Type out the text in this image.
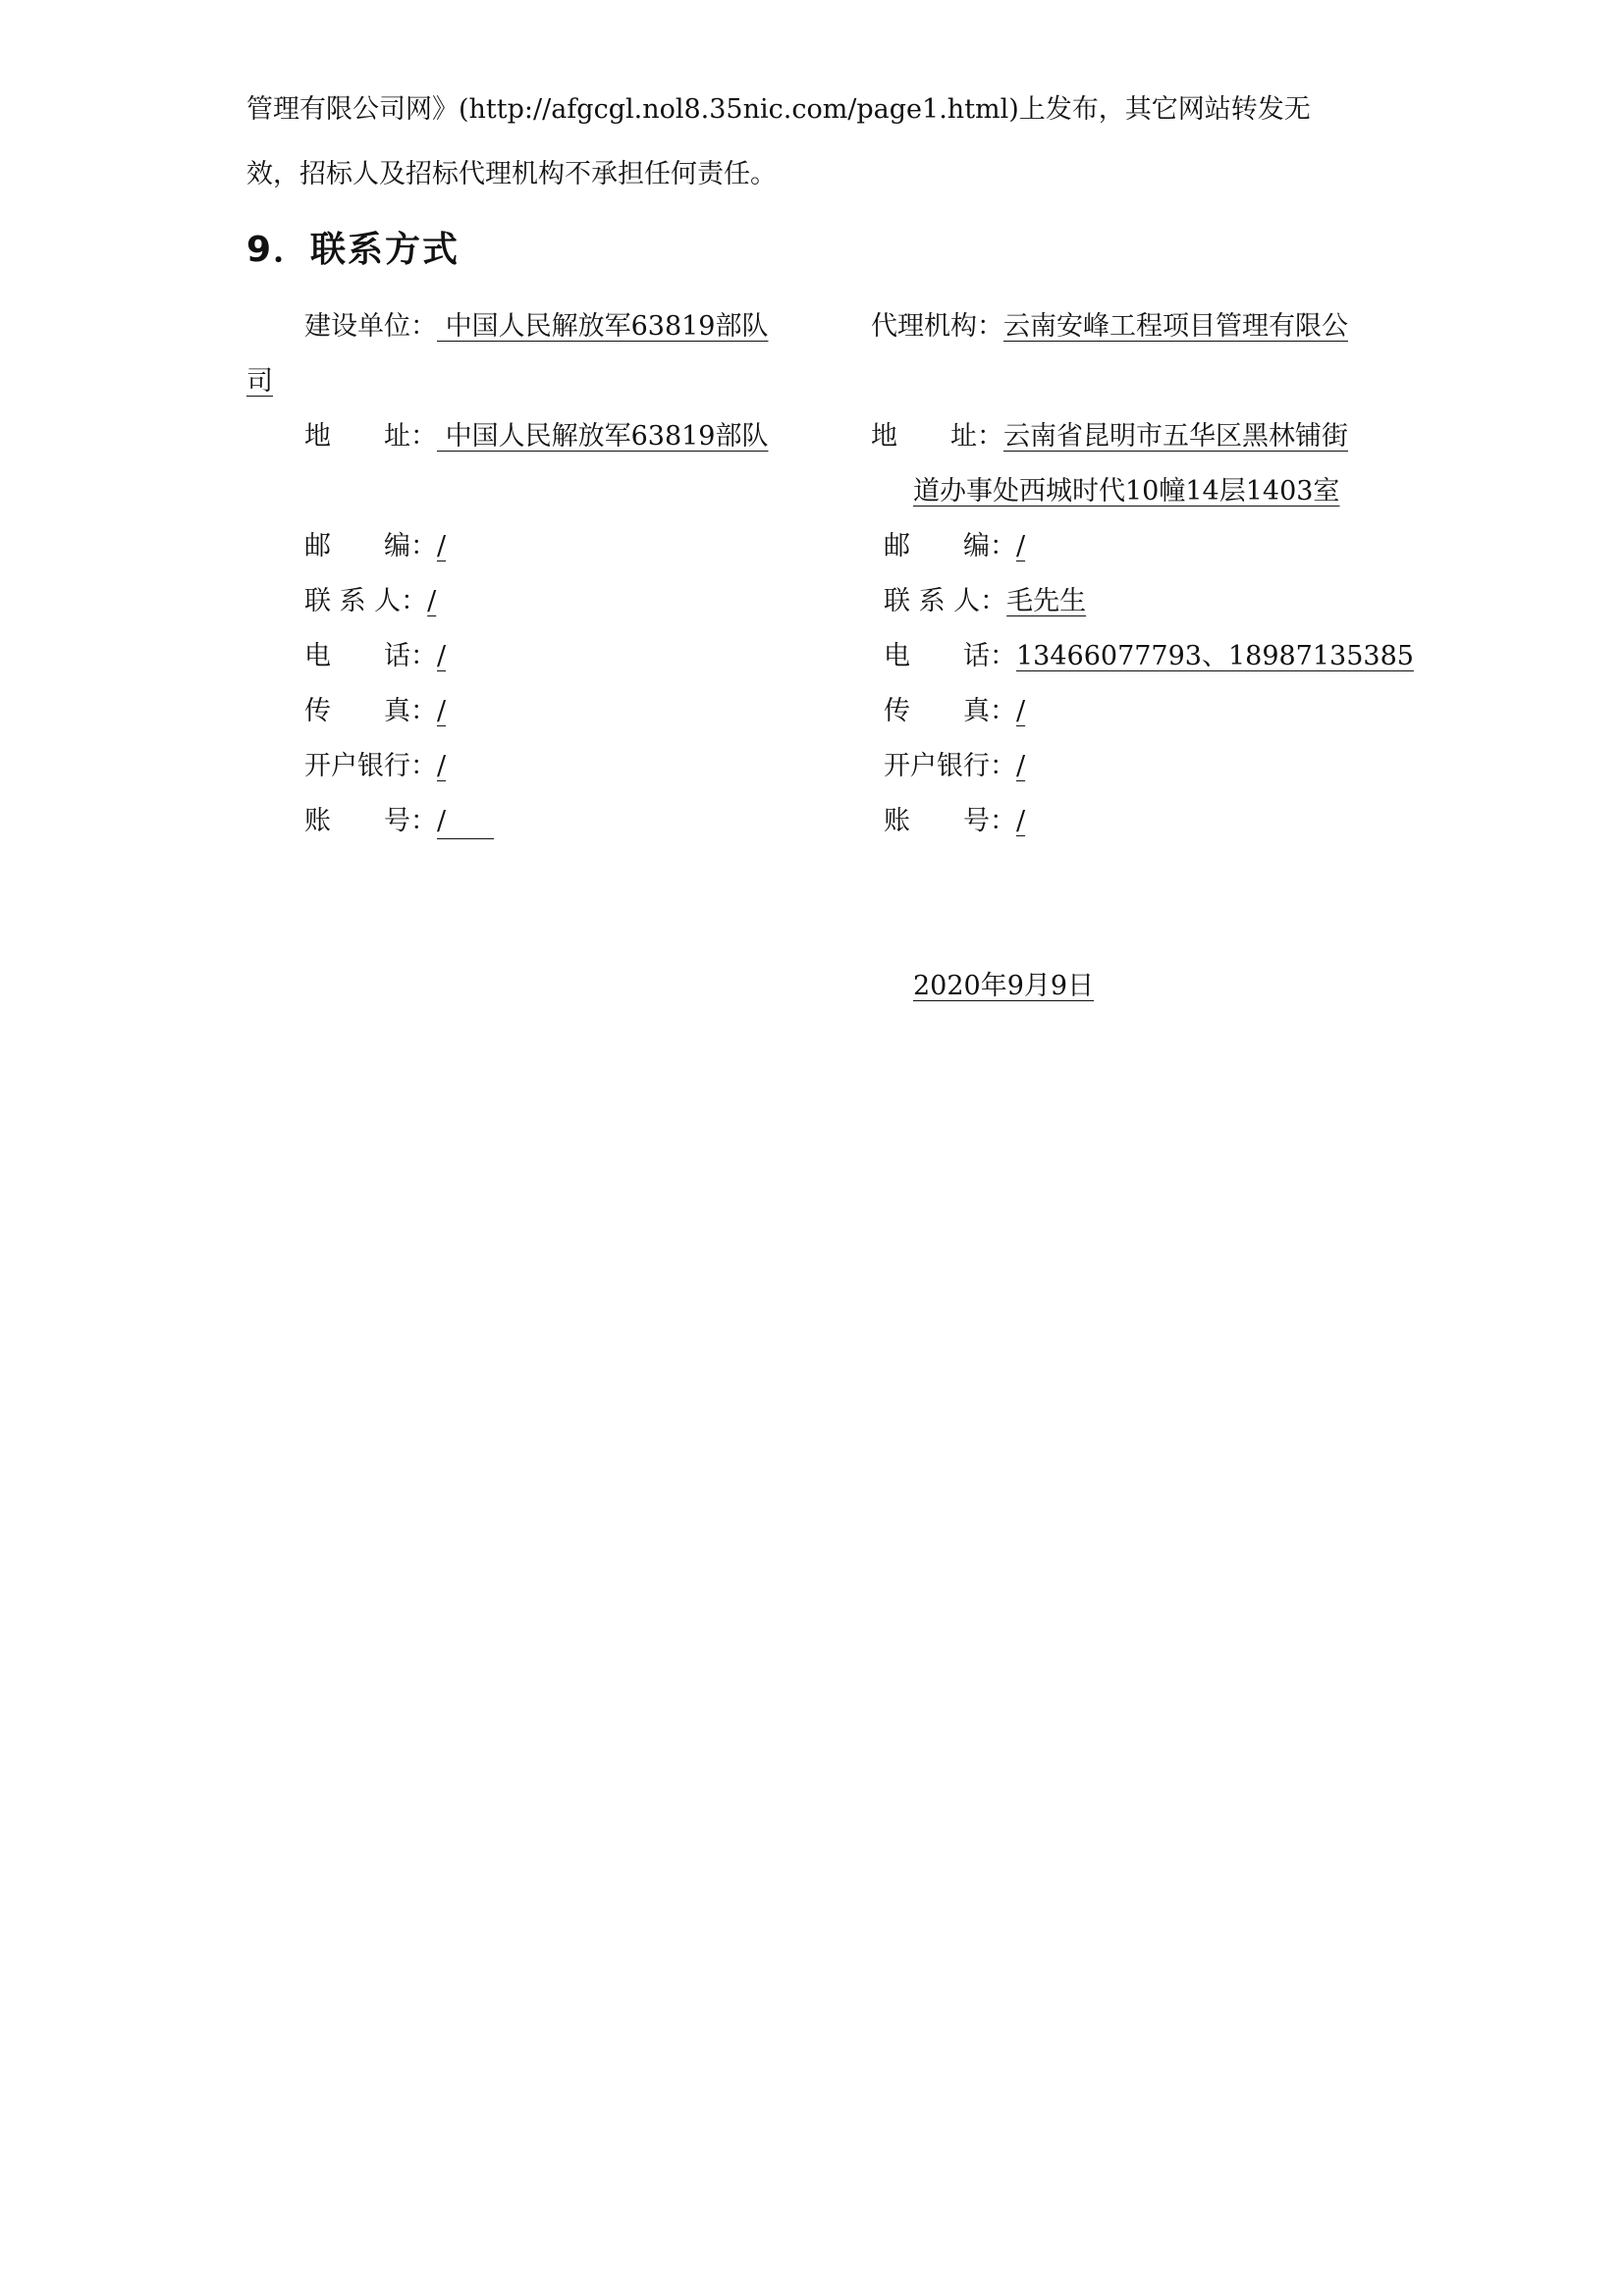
管理有限公司网》(http://afgcgl.nol8.35nic.com/page1.html)上发布，其它网站转发无
效，招标人及招标代理机构不承担任何责任。
9．联系方式
建设单位： 中国人民解放军63819部队
地　　址： 中国人民解放军63819部队
邮　　编：/
联 系 人：/
电　　话：/
传　　真：/
开户银行：/
账　　号：/
代理机构：云南安峰工程项目管理有限公
司
地　　址：云南省昆明市五华区黑林铺街
道办事处西城时代10幢14层1403室
邮　　编：/
联 系 人：毛先生
电　　话：13466077793、18987135385
传　　真：/
开户银行：/
账　　号：/
2020年9月9日
